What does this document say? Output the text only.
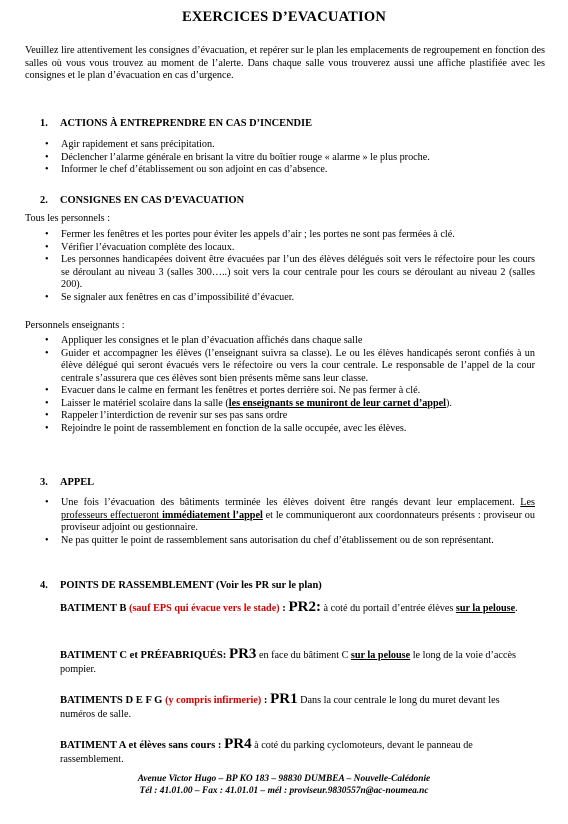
EXERCICES D’EVACUATION
Veuillez lire attentivement les consignes d’évacuation, et repérer sur le plan les emplacements de regroupement en fonction des salles où vous vous trouvez au moment de l’alerte. Dans chaque salle vous trouverez aussi une affiche plastifiée avec les consignes et le plan d’évacuation en cas d’urgence.
1. ACTIONS À ENTREPRENDRE EN CAS D’INCENDIE
• Agir rapidement et sans précipitation.
• Déclencher l’alarme générale en brisant la vitre du boîtier rouge « alarme » le plus proche.
• Informer le chef d’établissement ou son adjoint en cas d’absence.
2. CONSIGNES EN CAS D’EVACUATION
Tous les personnels :
• Fermer les fenêtres et les portes pour éviter les appels d’air ; les portes ne sont pas fermées à clé.
• Vérifier l’évacuation complète des locaux.
• Les personnes handicapées doivent être évacuées par l’un des élèves délégués soit vers le réfectoire pour les cours se déroulant au niveau 3 (salles 300…..) soit vers la cour centrale pour les cours se déroulant au niveau 2 (salles 200).
• Se signaler aux fenêtres en cas d’impossibilité d’évacuer.
Personnels enseignants :
• Appliquer les consignes et le plan d’évacuation affichés dans chaque salle
• Guider et accompagner les élèves (l’enseignant suivra sa classe). Le ou les élèves handicapés seront confiés à un élève délégué qui seront évacués vers le réfectoire ou vers la cour centrale. Le responsable de l’appel de la cour centrale s’assurera que ces élèves sont bien présents même sans leur classe.
• Evacuer dans le calme en fermant les fenêtres et portes derrière soi. Ne pas fermer à clé.
• Laisser le matériel scolaire dans la salle (les enseignants se muniront de leur carnet d’appel).
• Rappeler l’interdiction de revenir sur ses pas sans ordre
• Rejoindre le point de rassemblement en fonction de la salle occupée, avec les élèves.
3. APPEL
• Une fois l’évacuation des bâtiments terminée les élèves doivent être rangés devant leur emplacement. Les professeurs effectueront immédiatement l’appel et le communiqueront aux coordonnateurs présents : proviseur ou proviseur adjoint ou gestionnaire.
• Ne pas quitter le point de rassemblement sans autorisation du chef d’établissement ou de son représentant.
4. POINTS DE RASSEMBLEMENT (Voir les PR sur le plan)
BATIMENT B (sauf EPS qui évacue vers le stade) : PR2: à coté du portail d’entrée élèves sur la pelouse.
BATIMENT C et PRÉFABRIQUÉS: PR3 en face du bâtiment C sur la pelouse le long de la voie d’accès pompier.
BATIMENTS D E F G (y compris infirmerie) : PR1 Dans la cour centrale le long du muret devant les numéros de salle.
BATIMENT A et élèves sans cours : PR4 à coté du parking cyclomoteurs, devant le panneau de rassemblement.
Avenue Victor Hugo – BP KO 183 – 98830 DUMBEA – Nouvelle-Calédonie
Tél : 41.01.00 – Fax : 41.01.01 – mél : proviseur.9830557n@ac-noumea.nc
